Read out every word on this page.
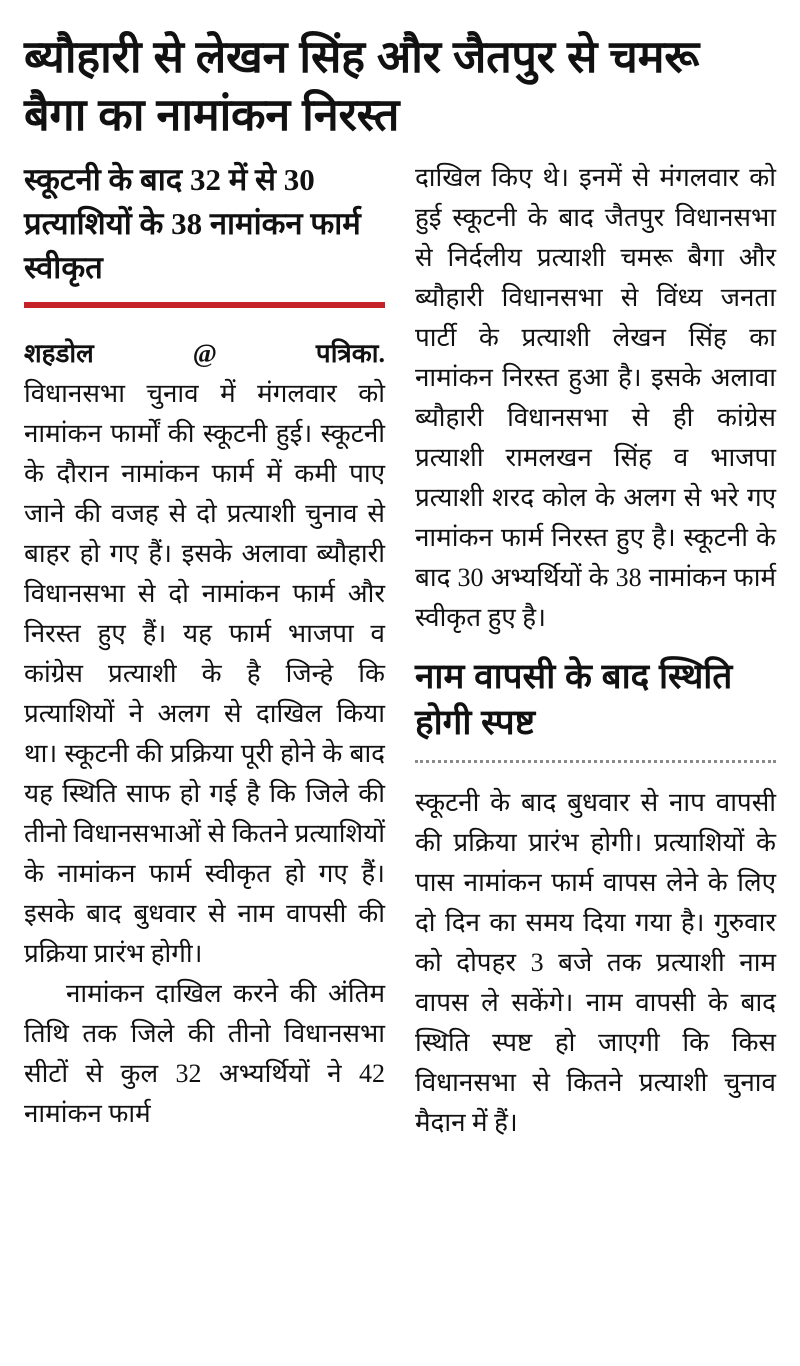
ब्यौहारी से लेखन सिंह और जैतपुर से चमरू बैगा का नामांकन निरस्त
स्कूटनी के बाद 32 में से 30 प्रत्याशियों के 38 नामांकन फार्म स्वीकृत
शहडोल	@	पत्रिका.

विधानसभा चुनाव में मंगलवार को नामांकन फार्मों की स्कूटनी हुई। स्कूटनी के दौरान नामांकन फार्म में कमी पाए जाने की वजह से दो प्रत्याशी चुनाव से बाहर हो गए हैं। इसके अलावा ब्यौहारी विधानसभा से दो नामांकन फार्म और निरस्त हुए हैं। यह फार्म भाजपा व कांग्रेस प्रत्याशी के है जिन्हे कि प्रत्याशियों ने अलग से दाखिल किया था। स्कूटनी की प्रक्रिया पूरी होने के बाद यह स्थिति साफ हो गई है कि जिले की तीनो विधानसभाओं से कितने प्रत्याशियों के नामांकन फार्म स्वीकृत हो गए हैं। इसके बाद बुधवार से नाम वापसी की प्रक्रिया प्रारंभ होगी।

नामांकन दाखिल करने की अंतिम तिथि तक जिले की तीनो विधानसभा सीटों से कुल 32 अभ्यर्थियों ने 42 नामांकन फार्म

दाखिल किए थे। इनमें से मंगलवार को हुई स्कूटनी के बाद जैतपुर विधानसभा से निर्दलीय प्रत्याशी चमरू बैगा और ब्यौहारी विधानसभा से विंध्य जनता पार्टी के प्रत्याशी लेखन सिंह का नामांकन निरस्त हुआ है। इसके अलावा ब्यौहारी विधानसभा से ही कांग्रेस प्रत्याशी रामलखन सिंह व भाजपा प्रत्याशी शरद कोल के अलग से भरे गए नामांकन फार्म निरस्त हुए है। स्कूटनी के बाद 30 अभ्यर्थियों के 38 नामांकन फार्म स्वीकृत हुए है।

नाम वापसी के बाद स्थिति होगी स्पष्ट

स्कूटनी के बाद बुधवार से नाप वापसी की प्रक्रिया प्रारंभ होगी। प्रत्याशियों के पास नामांकन फार्म वापस लेने के लिए दो दिन का समय दिया गया है। गुरुवार को दोपहर 3 बजे तक प्रत्याशी नाम वापस ले सकेंगे। नाम वापसी के बाद स्थिति स्पष्ट हो जाएगी कि किस विधानसभा से कितने प्रत्याशी चुनाव मैदान में हैं।
